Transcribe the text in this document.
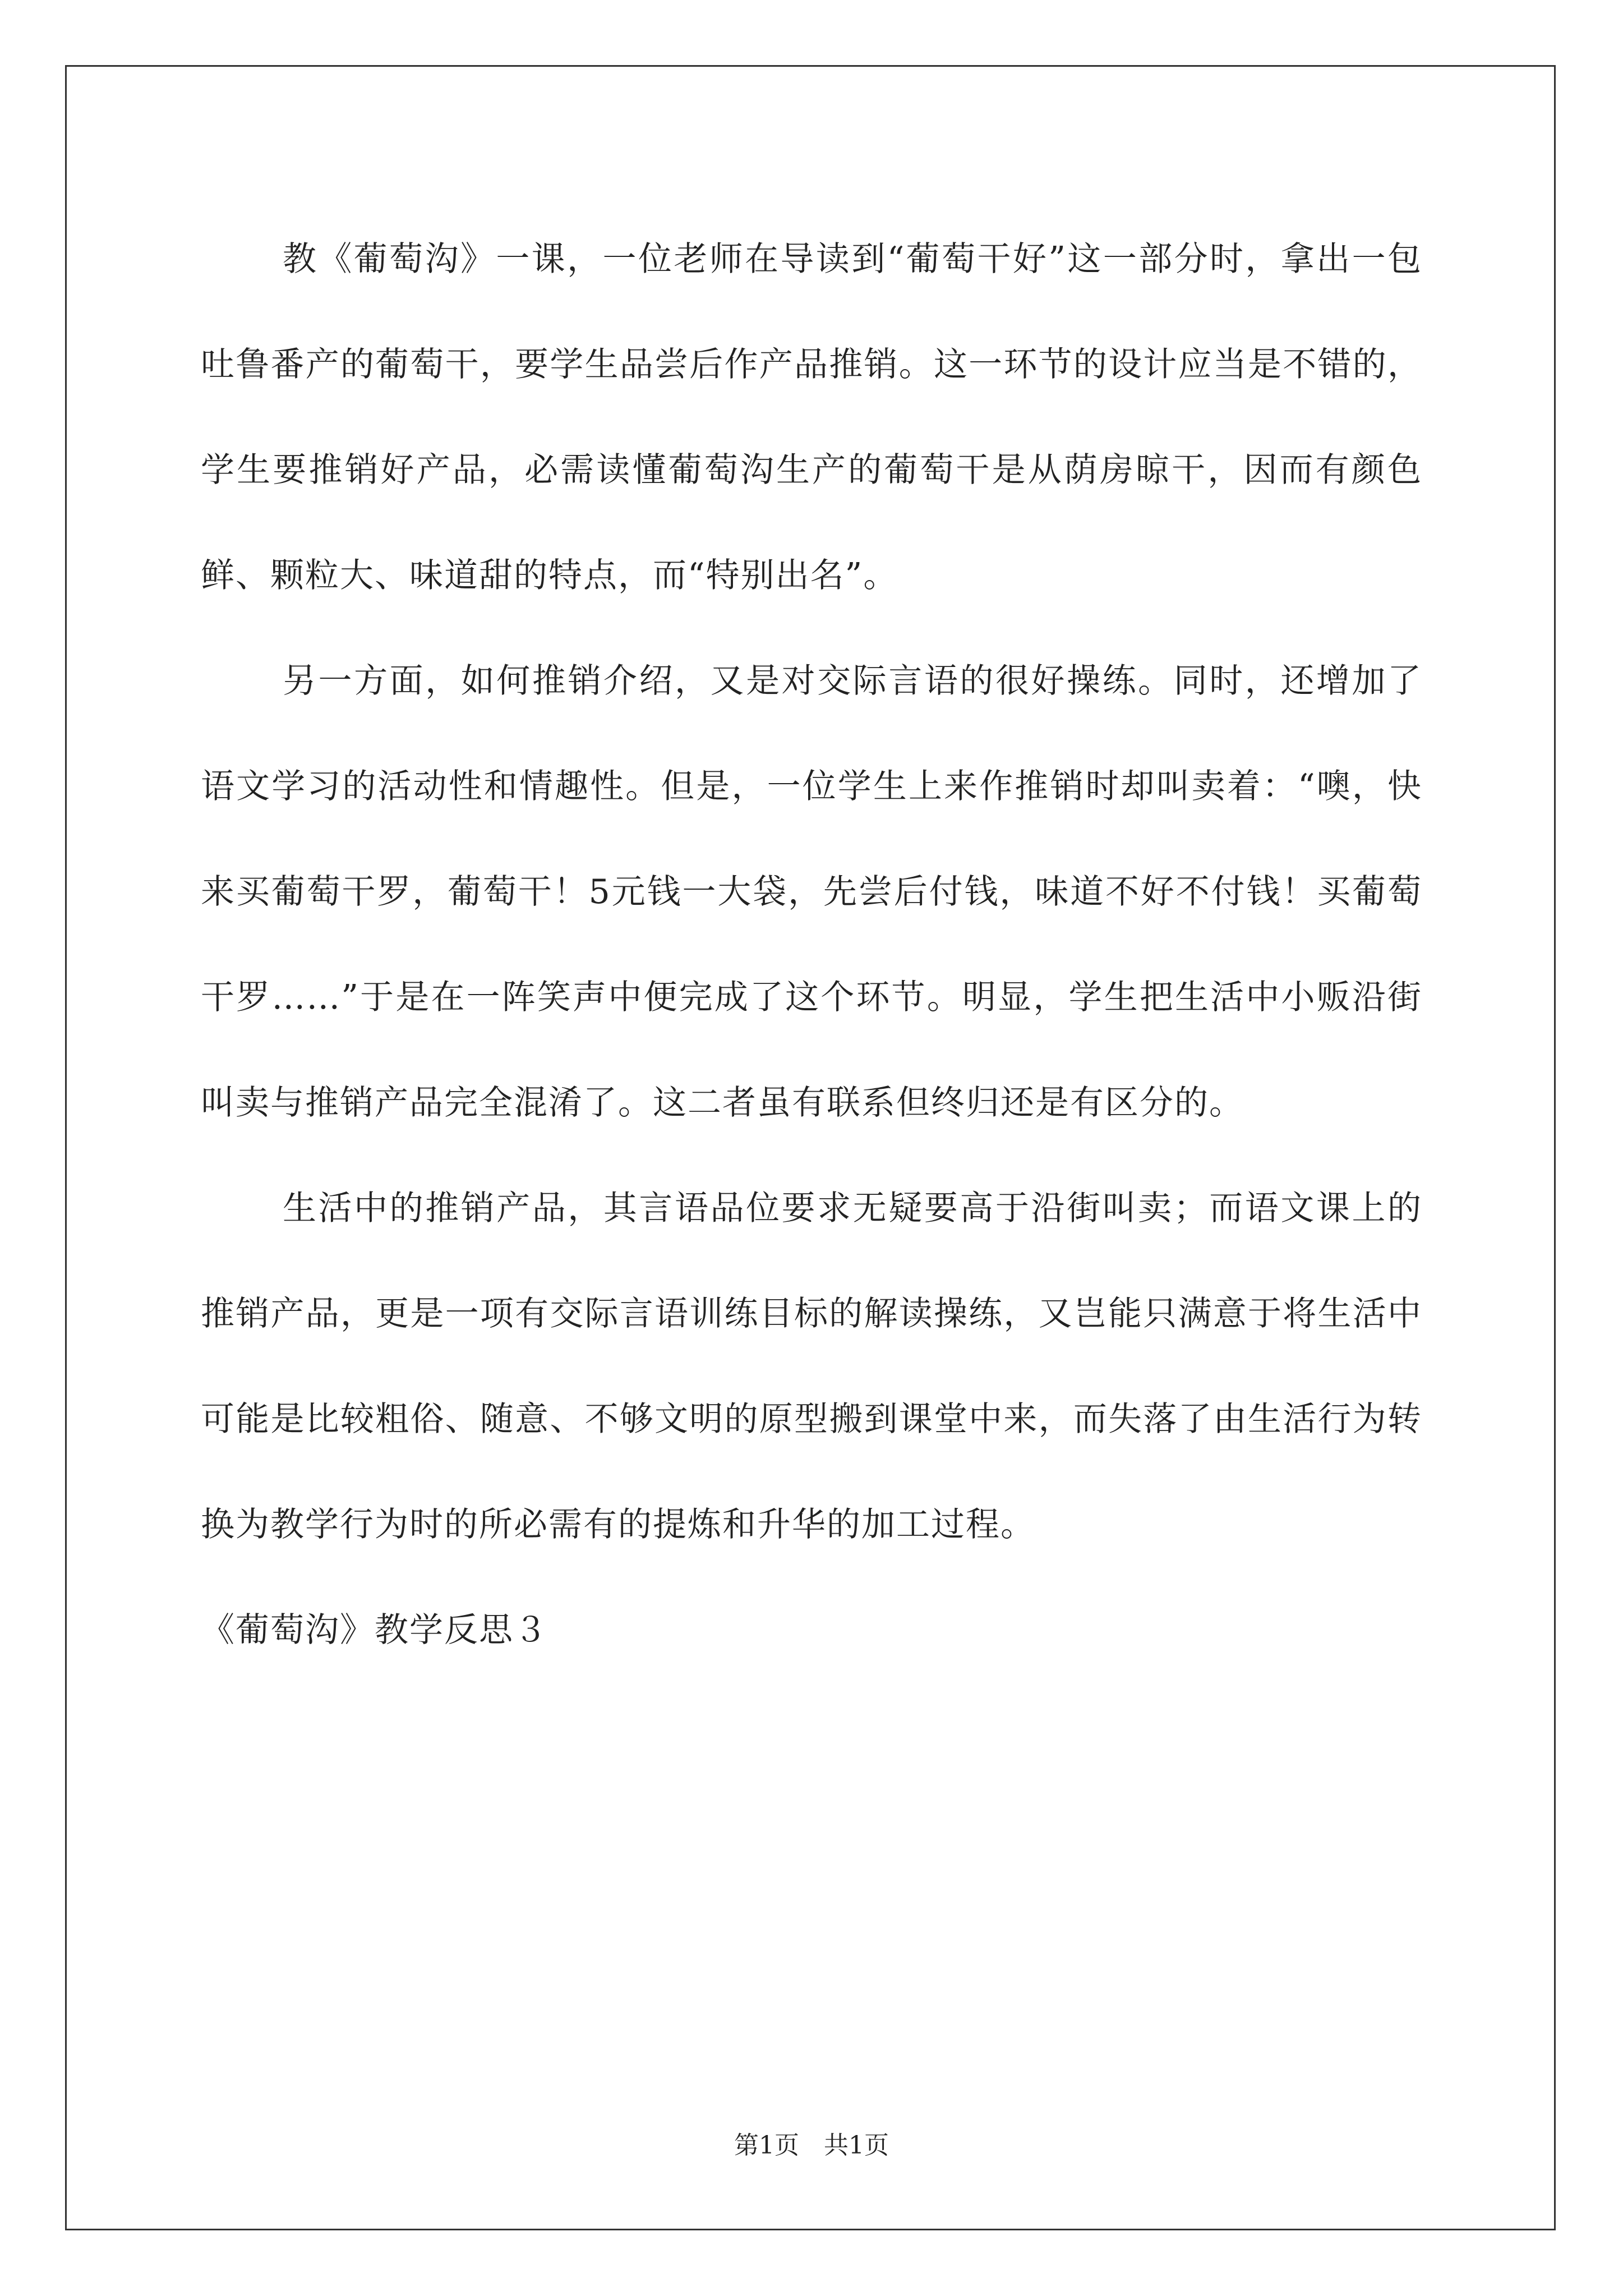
教《葡萄沟》一课，一位老师在导读到“葡萄干好”这一部分时，拿出一包吐鲁番产的葡萄干，要学生品尝后作产品推销。这一环节的设计应当是不错的，学生要推销好产品，必需读懂葡萄沟生产的葡萄干是从荫房晾干，因而有颜色鲜、颗粒大、味道甜的特点，而“特别出名”。

另一方面，如何推销介绍，又是对交际言语的很好操练。同时，还增加了语文学习的活动性和情趣性。但是，一位学生上来作推销时却叫卖着：“噢，快来买葡萄干罗，葡萄干！5元钱一大袋，先尝后付钱，味道不好不付钱！买葡萄干罗……”于是在一阵笑声中便完成了这个环节。明显，学生把生活中小贩沿街叫卖与推销产品完全混淆了。这二者虽有联系但终归还是有区分的。

生活中的推销产品，其言语品位要求无疑要高于沿街叫卖；而语文课上的推销产品，更是一项有交际言语训练目标的解读操练，又岂能只满意于将生活中可能是比较粗俗、随意、不够文明的原型搬到课堂中来，而失落了由生活行为转换为教学行为时的所必需有的提炼和升华的加工过程。

《葡萄沟》教学反思３

第1页　共1页
